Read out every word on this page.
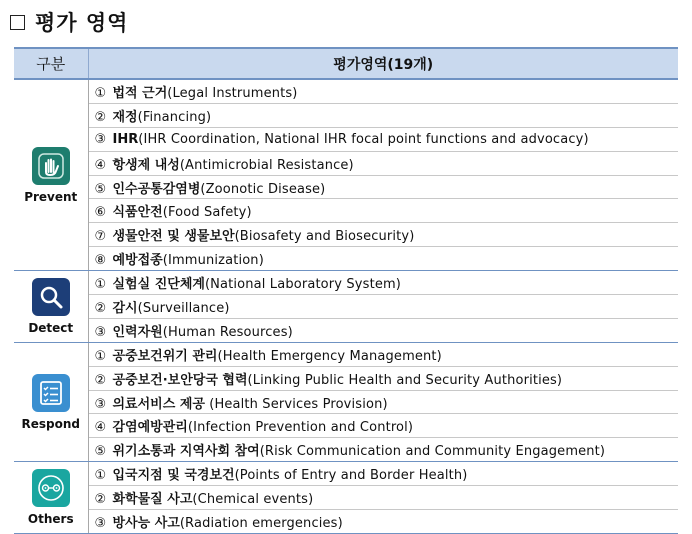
평가 영역
구분	평가영역(19개)

Prevent	① 법적 근거(Legal Instruments)
	② 재정(Financing)
	③ IHR(IHR Coordination, National IHR focal point functions and advocacy)
	④ 항생제 내성(Antimicrobial Resistance)
	⑤ 인수공통감염병(Zoonotic Disease)
	⑥ 식품안전(Food Safety)
	⑦ 생물안전 및 생물보안(Biosafety and Biosecurity)
	⑧ 예방접종(Immunization)

Detect	① 실험실 진단체계(National Laboratory System)
	② 감시(Surveillance)
	③ 인력자원(Human Resources)

Respond	① 공중보건위기 관리(Health Emergency Management)
	② 공중보건·보안당국 협력(Linking Public Health and Security Authorities)
	③ 의료서비스 제공 (Health Services Provision)
	④ 감염예방관리(Infection Prevention and Control)
	⑤ 위기소통과 지역사회 참여(Risk Communication and Community Engagement)

Others	① 입국지점 및 국경보건(Points of Entry and Border Health)
	② 화학물질 사고(Chemical events)
	③ 방사능 사고(Radiation emergencies)
